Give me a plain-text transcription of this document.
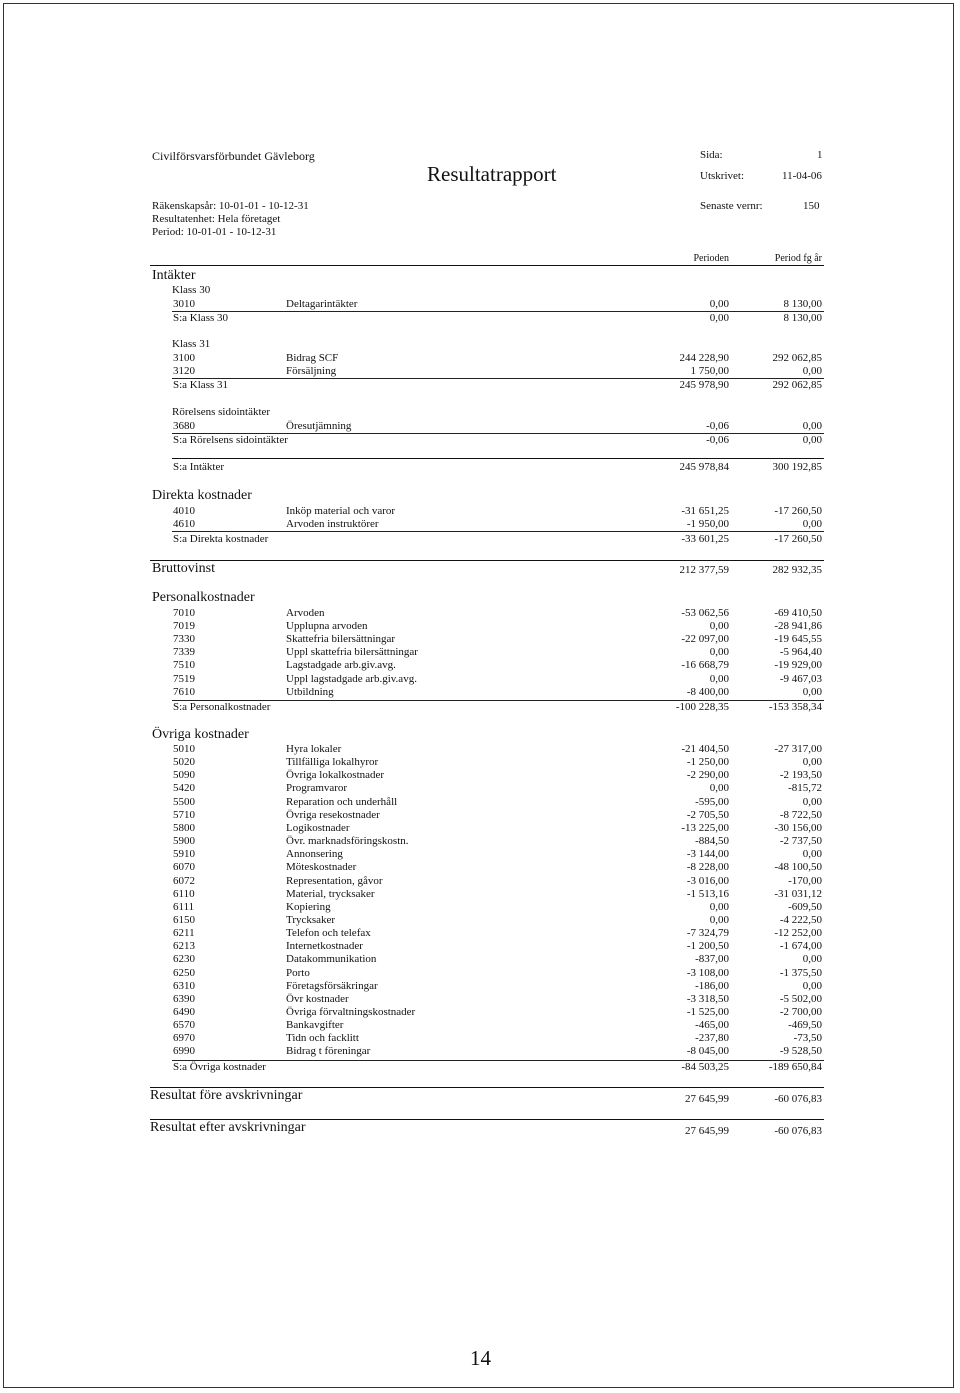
Civilförsvarsförbundet Gävleborg
Resultatrapport
Sida:	1
Utskrivet:	11-04-06
Räkenskapsår: 10-01-01 - 10-12-31	Senaste vernr:	150
Resultatenhet: Hela företaget
Period: 10-01-01 - 10-12-31
Perioden	Period fg år
Intäkter
Klass 30
3010	Deltagarintäkter	0,00	8 130,00
S:a Klass 30	0,00	8 130,00
Klass 31
3100	Bidrag SCF	244 228,90	292 062,85
3120	Försäljning	1 750,00	0,00
S:a Klass 31	245 978,90	292 062,85
Rörelsens sidointäkter
3680	Öresutjämning	-0,06	0,00
S:a Rörelsens sidointäkter	-0,06	0,00
S:a Intäkter	245 978,84	300 192,85
Direkta kostnader
4010	Inköp material och varor	-31 651,25	-17 260,50
4610	Arvoden instruktörer	-1 950,00	0,00
S:a Direkta kostnader	-33 601,25	-17 260,50
Bruttovinst	212 377,59	282 932,35
Personalkostnader
7010	Arvoden	-53 062,56	-69 410,50
7019	Upplupna arvoden	0,00	-28 941,86
7330	Skattefria bilersättningar	-22 097,00	-19 645,55
7339	Uppl skattefria bilersättningar	0,00	-5 964,40
7510	Lagstadgade arb.giv.avg.	-16 668,79	-19 929,00
7519	Uppl lagstadgade arb.giv.avg.	0,00	-9 467,03
7610	Utbildning	-8 400,00	0,00
S:a Personalkostnader	-100 228,35	-153 358,34
Övriga kostnader
5010	Hyra lokaler	-21 404,50	-27 317,00
5020	Tillfälliga lokalhyror	-1 250,00	0,00
5090	Övriga lokalkostnader	-2 290,00	-2 193,50
5420	Programvaror	0,00	-815,72
5500	Reparation och underhåll	-595,00	0,00
5710	Övriga resekostnader	-2 705,50	-8 722,50
5800	Logikostnader	-13 225,00	-30 156,00
5900	Övr. marknadsföringskostn.	-884,50	-2 737,50
5910	Annonsering	-3 144,00	0,00
6070	Möteskostnader	-8 228,00	-48 100,50
6072	Representation, gåvor	-3 016,00	-170,00
6110	Material, trycksaker	-1 513,16	-31 031,12
6111	Kopiering	0,00	-609,50
6150	Trycksaker	0,00	-4 222,50
6211	Telefon och telefax	-7 324,79	-12 252,00
6213	Internetkostnader	-1 200,50	-1 674,00
6230	Datakommunikation	-837,00	0,00
6250	Porto	-3 108,00	-1 375,50
6310	Företagsförsäkringar	-186,00	0,00
6390	Övr kostnader	-3 318,50	-5 502,00
6490	Övriga förvaltningskostnader	-1 525,00	-2 700,00
6570	Bankavgifter	-465,00	-469,50
6970	Tidn och facklitt	-237,80	-73,50
6990	Bidrag t föreningar	-8 045,00	-9 528,50
S:a Övriga kostnader	-84 503,25	-189 650,84
Resultat före avskrivningar	27 645,99	-60 076,83
Resultat efter avskrivningar	27 645,99	-60 076,83
14
